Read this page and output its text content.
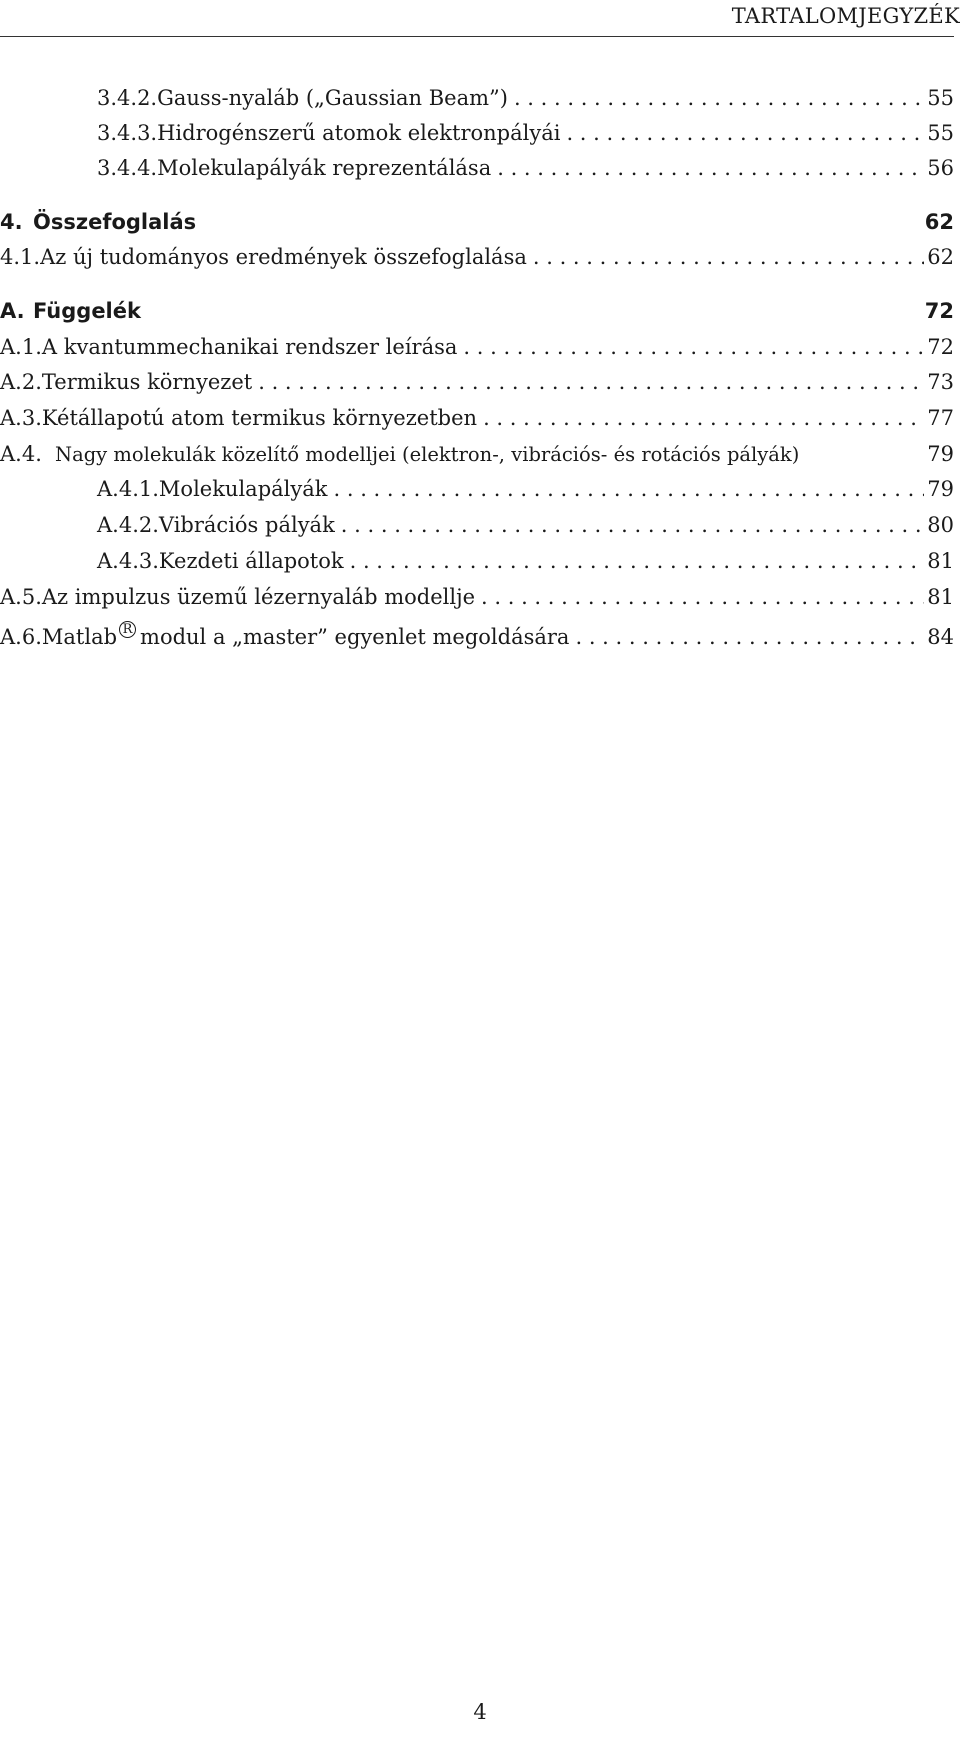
TARTALOMJEGYZÉK
3.4.2. Gauss-nyaláb („Gaussian Beam”) . . .	55
3.4.3. Hidrogénszerű atomok elektronpályái . . .	55
3.4.4. Molekulapályák reprezentálása . . .	56
4. Összefoglalás	62
4.1. Az új tudományos eredmények összefoglalása . . .	62
A. Függelék	72
A.1. A kvantummechanikai rendszer leírása . . .	72
A.2. Termikus környezet . . .	73
A.3. Kétállapotú atom termikus környezetben . . .	77
A.4. Nagy molekulák közelítő modelljei (elektron-, vibrációs- és rotációs pályák)	79
A.4.1. Molekulapályák . . .	79
A.4.2. Vibrációs pályák . . .	80
A.4.3. Kezdeti állapotok . . .	81
A.5. Az impulzus üzemű lézernyaláb modellje . . .	81
A.6. Matlab R modul a „master” egyenlet megoldására . . .	84
4
